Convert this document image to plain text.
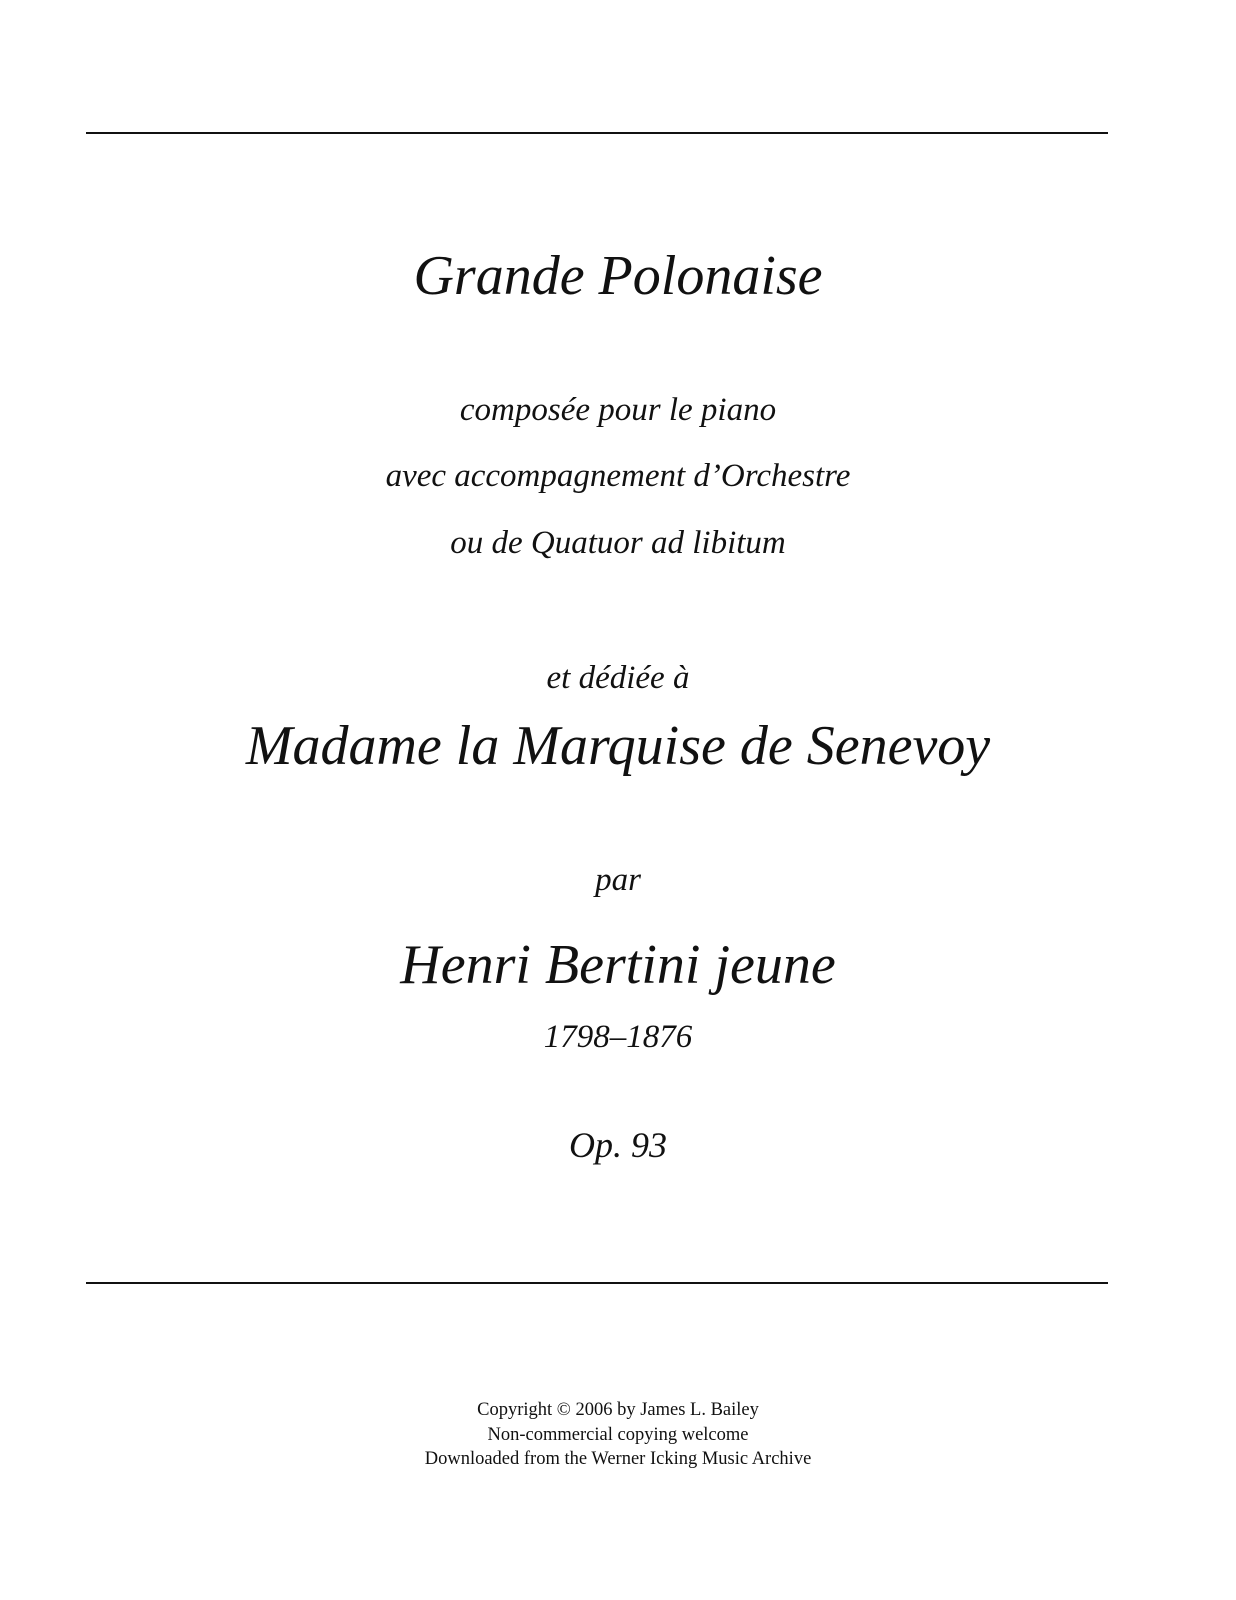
Grande Polonaise
composée pour le piano
avec accompagnement d’Orchestre
ou de Quatuor ad libitum
et dédiée à
Madame la Marquise de Senevoy
par
Henri Bertini jeune
1798–1876
Op. 93
Copyright © 2006 by James L. Bailey
Non-commercial copying welcome
Downloaded from the Werner Icking Music Archive
